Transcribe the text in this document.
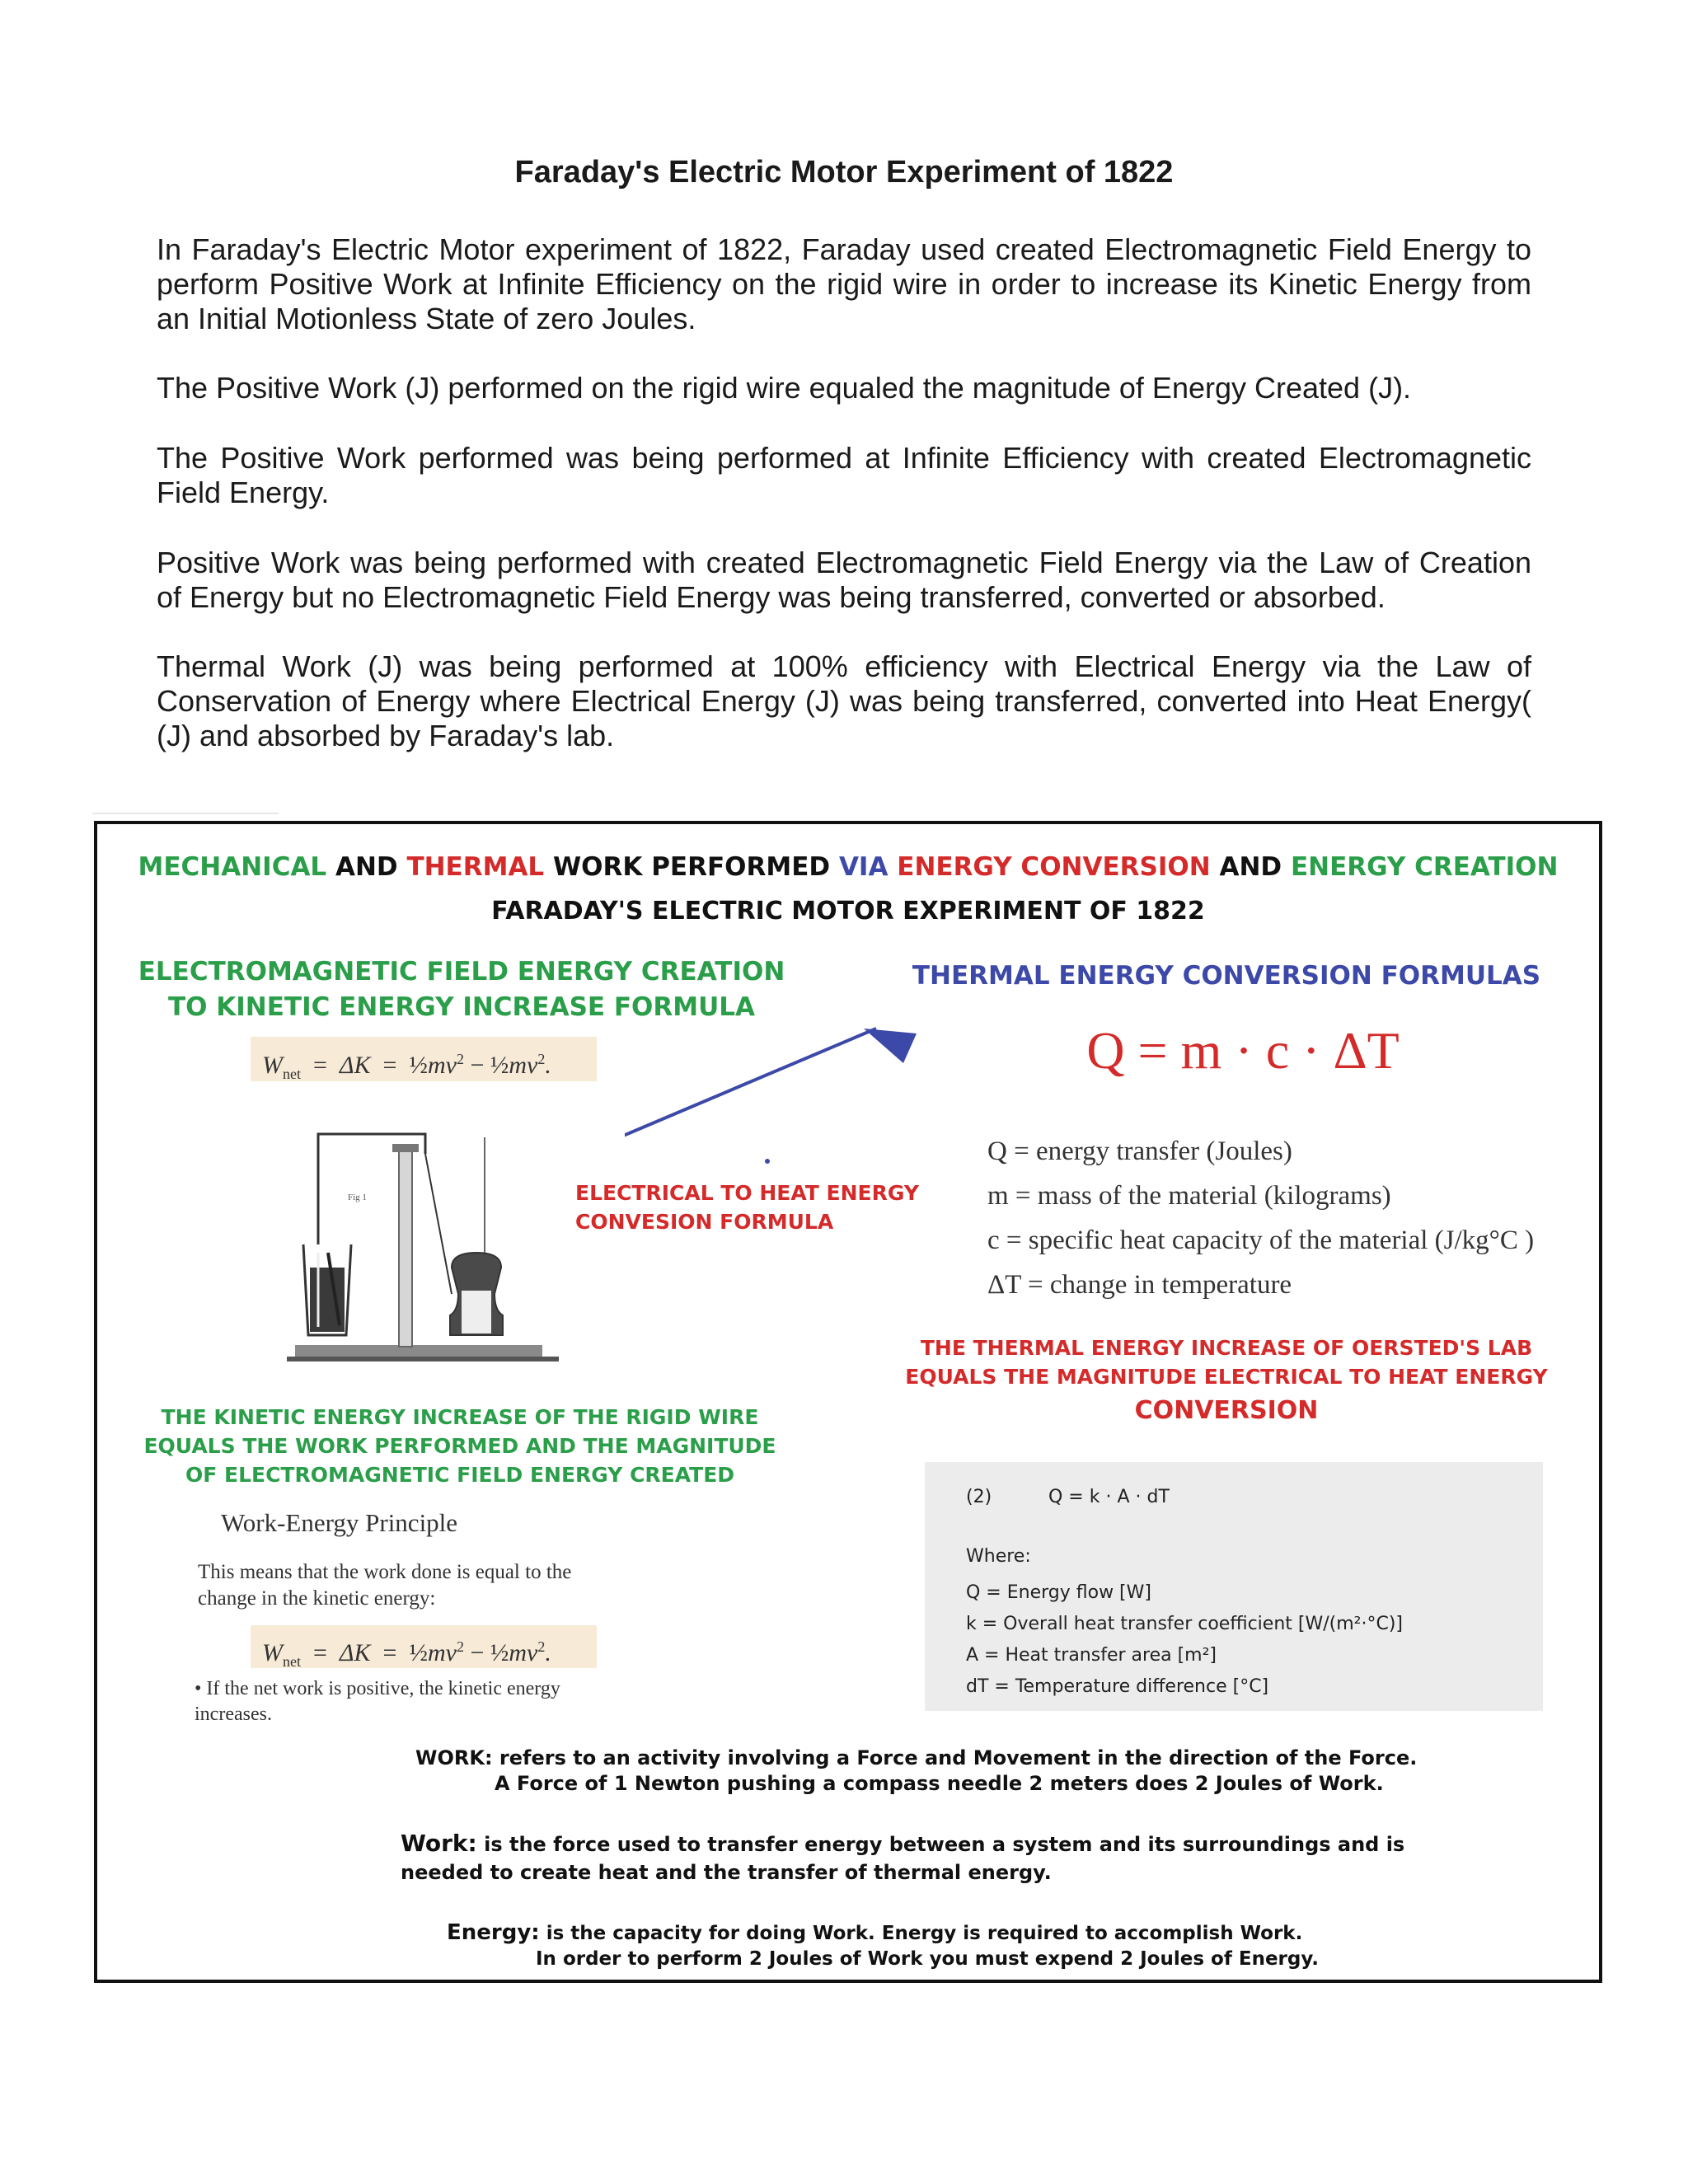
Faraday's Electric Motor Experiment of 1822
In Faraday's Electric Motor experiment of 1822, Faraday used created Electromagnetic Field Energy to perform Positive Work at Infinite Efficiency on the rigid wire in order to increase its Kinetic Energy from an Initial Motionless State of zero Joules.
The Positive Work (J) performed on the rigid wire equaled the magnitude of Energy Created (J).
The Positive Work performed was being performed at Infinite Efficiency with created Electromagnetic Field Energy.
Positive Work was being performed with created Electromagnetic Field Energy via the Law of Creation of Energy but no Electromagnetic Field Energy was being transferred, converted or absorbed.
Thermal Work (J) was being performed at 100% efficiency with Electrical Energy via the Law of Conservation of Energy where Electrical Energy (J) was being transferred, converted into Heat Energy( (J) and absorbed by Faraday's lab.
MECHANICAL AND THERMAL WORK PERFORMED VIA ENERGY CONVERSION AND ENERGY CREATION
FARADAY'S ELECTRIC MOTOR EXPERIMENT OF 1822
ELECTROMAGNETIC FIELD ENERGY CREATION
TO KINETIC ENERGY INCREASE FORMULA
THERMAL ENERGY CONVERSION FORMULAS
$W_{net} = \Delta K$ = $\frac{1}{2}mv^2$ − $\frac{1}{2}mv^2$.	Q = m · c · ΔT
Q = energy transfer (Joules)
m = mass of the material (kilograms)
c = specific heat capacity of the material (J/kg°C )
ΔT = change in temperature
Fig 1	ELECTRICAL TO HEAT ENERGY
CONVESION FORMULA
THE THERMAL ENERGY INCREASE OF OERSTED'S LAB
EQUALS THE MAGNITUDE ELECTRICAL TO HEAT ENERGY
CONVERSION
THE KINETIC ENERGY INCREASE OF THE RIGID WIRE
EQUALS THE WORK PERFORMED AND THE MAGNITUDE
OF ELECTROMAGNETIC FIELD ENERGY CREATED
Work-Energy Principle
This means that the work done is equal to the
change in the kinetic energy:
$W_{net} = \Delta K$ = $\frac{1}{2}mv^2$ − $\frac{1}{2}mv^2$.
• If the net work is positive, the kinetic energy
increases.
(2)	Q = k · A · dT
Where:
Q = Energy flow [W]
k = Overall heat transfer coefficient [W/(m²·°C)]
A = Heat transfer area [m²]
dT = Temperature difference [°C]
WORK: refers to an activity involving a Force and Movement in the direction of the Force.
A Force of 1 Newton pushing a compass needle 2 meters does 2 Joules of Work.
Work: is the force used to transfer energy between a system and its surroundings and is
needed to create heat and the transfer of thermal energy.
Energy: is the capacity for doing Work. Energy is required to accomplish Work.
In order to perform 2 Joules of Work you must expend 2 Joules of Energy.
